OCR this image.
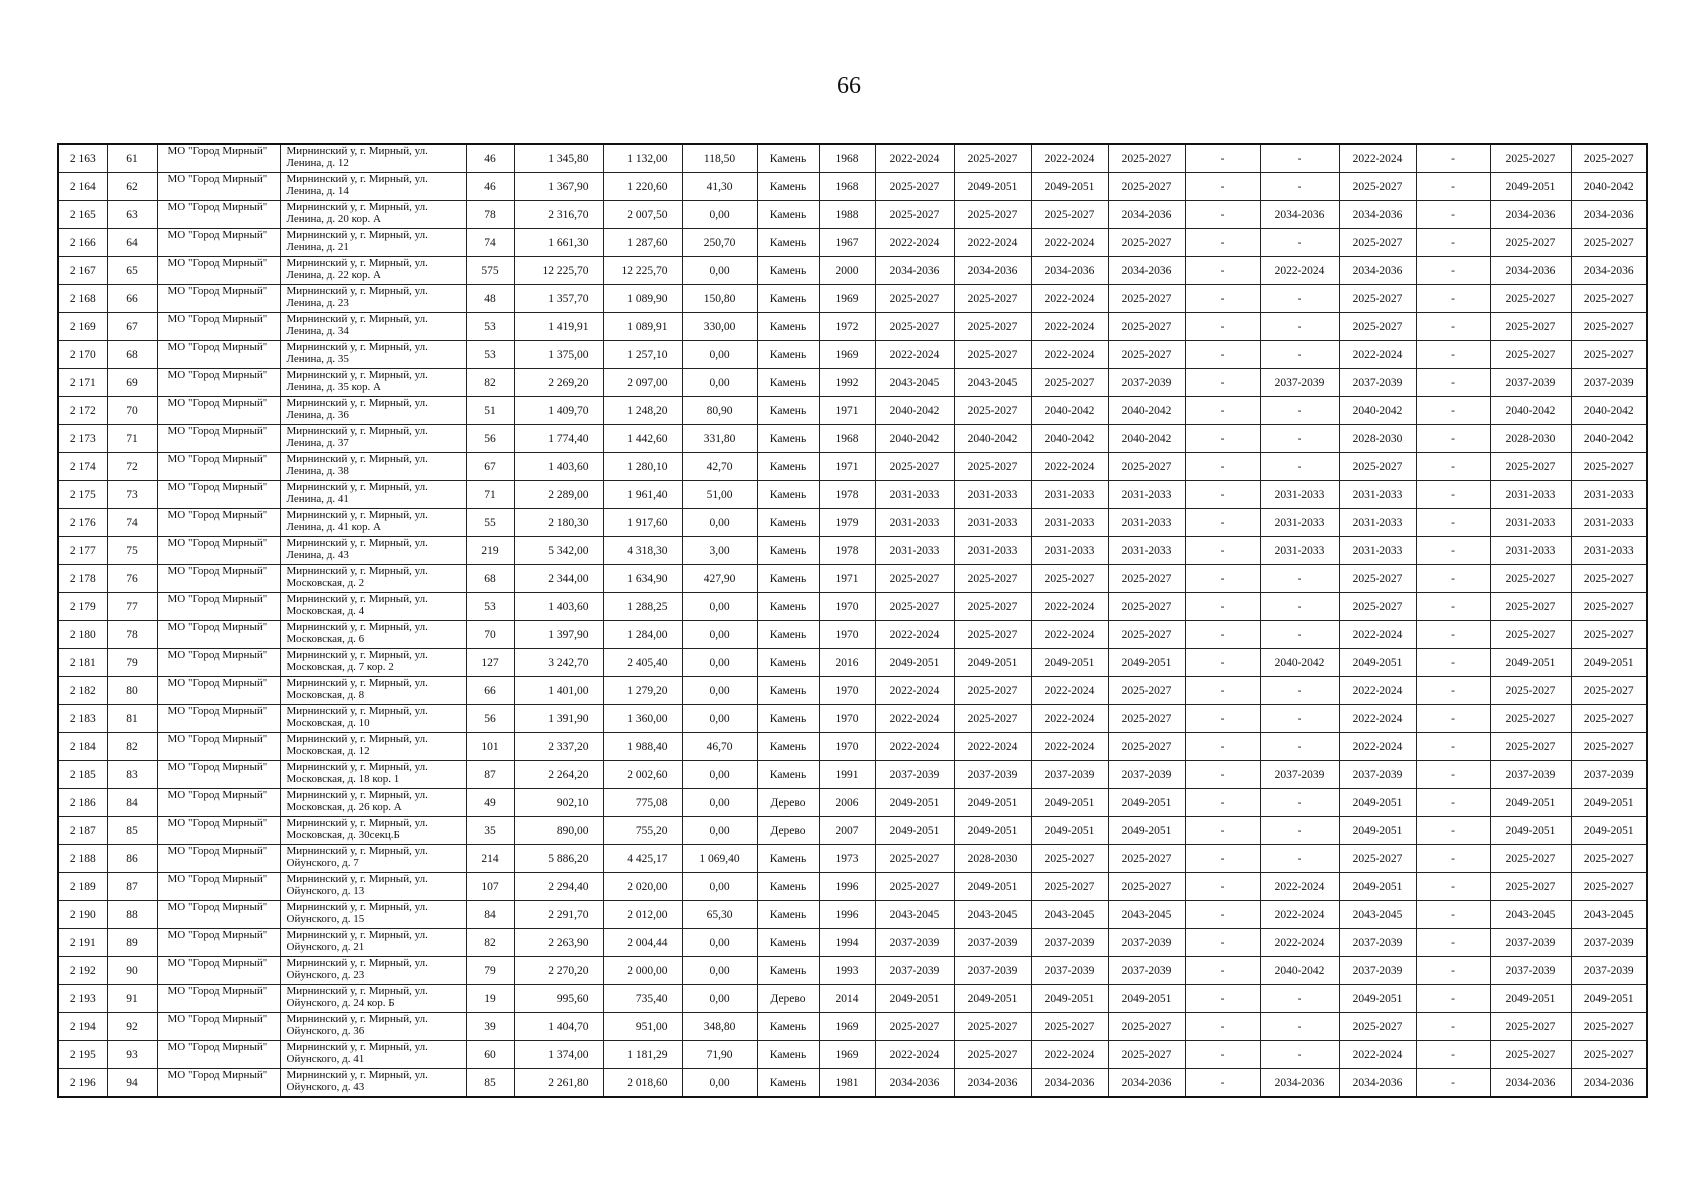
66
2 163	61	МО "Город Мирный"	Мирнинский у, г. Мирный, ул. Ленина, д. 12	46	1 345,80	1 132,00	118,50	Камень	1968	2022-2024	2025-2027	2022-2024	2025-2027	-	-	2022-2024	-	2025-2027	2025-2027
2 164	62	МО "Город Мирный"	Мирнинский у, г. Мирный, ул. Ленина, д. 14	46	1 367,90	1 220,60	41,30	Камень	1968	2025-2027	2049-2051	2049-2051	2025-2027	-	-	2025-2027	-	2049-2051	2040-2042
2 165	63	МО "Город Мирный"	Мирнинский у, г. Мирный, ул. Ленина, д. 20 кор. А	78	2 316,70	2 007,50	0,00	Камень	1988	2025-2027	2025-2027	2025-2027	2034-2036	-	2034-2036	2034-2036	-	2034-2036	2034-2036
2 166	64	МО "Город Мирный"	Мирнинский у, г. Мирный, ул. Ленина, д. 21	74	1 661,30	1 287,60	250,70	Камень	1967	2022-2024	2022-2024	2022-2024	2025-2027	-	-	2025-2027	-	2025-2027	2025-2027
2 167	65	МО "Город Мирный"	Мирнинский у, г. Мирный, ул. Ленина, д. 22 кор. А	575	12 225,70	12 225,70	0,00	Камень	2000	2034-2036	2034-2036	2034-2036	2034-2036	-	2022-2024	2034-2036	-	2034-2036	2034-2036
2 168	66	МО "Город Мирный"	Мирнинский у, г. Мирный, ул. Ленина, д. 23	48	1 357,70	1 089,90	150,80	Камень	1969	2025-2027	2025-2027	2022-2024	2025-2027	-	-	2025-2027	-	2025-2027	2025-2027
2 169	67	МО "Город Мирный"	Мирнинский у, г. Мирный, ул. Ленина, д. 34	53	1 419,91	1 089,91	330,00	Камень	1972	2025-2027	2025-2027	2022-2024	2025-2027	-	-	2025-2027	-	2025-2027	2025-2027
2 170	68	МО "Город Мирный"	Мирнинский у, г. Мирный, ул. Ленина, д. 35	53	1 375,00	1 257,10	0,00	Камень	1969	2022-2024	2025-2027	2022-2024	2025-2027	-	-	2022-2024	-	2025-2027	2025-2027
2 171	69	МО "Город Мирный"	Мирнинский у, г. Мирный, ул. Ленина, д. 35 кор. А	82	2 269,20	2 097,00	0,00	Камень	1992	2043-2045	2043-2045	2025-2027	2037-2039	-	2037-2039	2037-2039	-	2037-2039	2037-2039
2 172	70	МО "Город Мирный"	Мирнинский у, г. Мирный, ул. Ленина, д. 36	51	1 409,70	1 248,20	80,90	Камень	1971	2040-2042	2025-2027	2040-2042	2040-2042	-	-	2040-2042	-	2040-2042	2040-2042
2 173	71	МО "Город Мирный"	Мирнинский у, г. Мирный, ул. Ленина, д. 37	56	1 774,40	1 442,60	331,80	Камень	1968	2040-2042	2040-2042	2040-2042	2040-2042	-	-	2028-2030	-	2028-2030	2040-2042
2 174	72	МО "Город Мирный"	Мирнинский у, г. Мирный, ул. Ленина, д. 38	67	1 403,60	1 280,10	42,70	Камень	1971	2025-2027	2025-2027	2022-2024	2025-2027	-	-	2025-2027	-	2025-2027	2025-2027
2 175	73	МО "Город Мирный"	Мирнинский у, г. Мирный, ул. Ленина, д. 41	71	2 289,00	1 961,40	51,00	Камень	1978	2031-2033	2031-2033	2031-2033	2031-2033	-	2031-2033	2031-2033	-	2031-2033	2031-2033
2 176	74	МО "Город Мирный"	Мирнинский у, г. Мирный, ул. Ленина, д. 41 кор. А	55	2 180,30	1 917,60	0,00	Камень	1979	2031-2033	2031-2033	2031-2033	2031-2033	-	2031-2033	2031-2033	-	2031-2033	2031-2033
2 177	75	МО "Город Мирный"	Мирнинский у, г. Мирный, ул. Ленина, д. 43	219	5 342,00	4 318,30	3,00	Камень	1978	2031-2033	2031-2033	2031-2033	2031-2033	-	2031-2033	2031-2033	-	2031-2033	2031-2033
2 178	76	МО "Город Мирный"	Мирнинский у, г. Мирный, ул. Московская, д. 2	68	2 344,00	1 634,90	427,90	Камень	1971	2025-2027	2025-2027	2025-2027	2025-2027	-	-	2025-2027	-	2025-2027	2025-2027
2 179	77	МО "Город Мирный"	Мирнинский у, г. Мирный, ул. Московская, д. 4	53	1 403,60	1 288,25	0,00	Камень	1970	2025-2027	2025-2027	2022-2024	2025-2027	-	-	2025-2027	-	2025-2027	2025-2027
2 180	78	МО "Город Мирный"	Мирнинский у, г. Мирный, ул. Московская, д. 6	70	1 397,90	1 284,00	0,00	Камень	1970	2022-2024	2025-2027	2022-2024	2025-2027	-	-	2022-2024	-	2025-2027	2025-2027
2 181	79	МО "Город Мирный"	Мирнинский у, г. Мирный, ул. Московская, д. 7 кор. 2	127	3 242,70	2 405,40	0,00	Камень	2016	2049-2051	2049-2051	2049-2051	2049-2051	-	2040-2042	2049-2051	-	2049-2051	2049-2051
2 182	80	МО "Город Мирный"	Мирнинский у, г. Мирный, ул. Московская, д. 8	66	1 401,00	1 279,20	0,00	Камень	1970	2022-2024	2025-2027	2022-2024	2025-2027	-	-	2022-2024	-	2025-2027	2025-2027
2 183	81	МО "Город Мирный"	Мирнинский у, г. Мирный, ул. Московская, д. 10	56	1 391,90	1 360,00	0,00	Камень	1970	2022-2024	2025-2027	2022-2024	2025-2027	-	-	2022-2024	-	2025-2027	2025-2027
2 184	82	МО "Город Мирный"	Мирнинский у, г. Мирный, ул. Московская, д. 12	101	2 337,20	1 988,40	46,70	Камень	1970	2022-2024	2022-2024	2022-2024	2025-2027	-	-	2022-2024	-	2025-2027	2025-2027
2 185	83	МО "Город Мирный"	Мирнинский у, г. Мирный, ул. Московская, д. 18 кор. 1	87	2 264,20	2 002,60	0,00	Камень	1991	2037-2039	2037-2039	2037-2039	2037-2039	-	2037-2039	2037-2039	-	2037-2039	2037-2039
2 186	84	МО "Город Мирный"	Мирнинский у, г. Мирный, ул. Московская, д. 26 кор. А	49	902,10	775,08	0,00	Дерево	2006	2049-2051	2049-2051	2049-2051	2049-2051	-	-	2049-2051	-	2049-2051	2049-2051
2 187	85	МО "Город Мирный"	Мирнинский у, г. Мирный, ул. Московская, д. 30секц.Б	35	890,00	755,20	0,00	Дерево	2007	2049-2051	2049-2051	2049-2051	2049-2051	-	-	2049-2051	-	2049-2051	2049-2051
2 188	86	МО "Город Мирный"	Мирнинский у, г. Мирный, ул. Ойунского, д. 7	214	5 886,20	4 425,17	1 069,40	Камень	1973	2025-2027	2028-2030	2025-2027	2025-2027	-	-	2025-2027	-	2025-2027	2025-2027
2 189	87	МО "Город Мирный"	Мирнинский у, г. Мирный, ул. Ойунского, д. 13	107	2 294,40	2 020,00	0,00	Камень	1996	2025-2027	2049-2051	2025-2027	2025-2027	-	2022-2024	2049-2051	-	2025-2027	2025-2027
2 190	88	МО "Город Мирный"	Мирнинский у, г. Мирный, ул. Ойунского, д. 15	84	2 291,70	2 012,00	65,30	Камень	1996	2043-2045	2043-2045	2043-2045	2043-2045	-	2022-2024	2043-2045	-	2043-2045	2043-2045
2 191	89	МО "Город Мирный"	Мирнинский у, г. Мирный, ул. Ойунского, д. 21	82	2 263,90	2 004,44	0,00	Камень	1994	2037-2039	2037-2039	2037-2039	2037-2039	-	2022-2024	2037-2039	-	2037-2039	2037-2039
2 192	90	МО "Город Мирный"	Мирнинский у, г. Мирный, ул. Ойунского, д. 23	79	2 270,20	2 000,00	0,00	Камень	1993	2037-2039	2037-2039	2037-2039	2037-2039	-	2040-2042	2037-2039	-	2037-2039	2037-2039
2 193	91	МО "Город Мирный"	Мирнинский у, г. Мирный, ул. Ойунского, д. 24 кор. Б	19	995,60	735,40	0,00	Дерево	2014	2049-2051	2049-2051	2049-2051	2049-2051	-	-	2049-2051	-	2049-2051	2049-2051
2 194	92	МО "Город Мирный"	Мирнинский у, г. Мирный, ул. Ойунского, д. 36	39	1 404,70	951,00	348,80	Камень	1969	2025-2027	2025-2027	2025-2027	2025-2027	-	-	2025-2027	-	2025-2027	2025-2027
2 195	93	МО "Город Мирный"	Мирнинский у, г. Мирный, ул. Ойунского, д. 41	60	1 374,00	1 181,29	71,90	Камень	1969	2022-2024	2025-2027	2022-2024	2025-2027	-	-	2022-2024	-	2025-2027	2025-2027
2 196	94	МО "Город Мирный"	Мирнинский у, г. Мирный, ул. Ойунского, д. 43	85	2 261,80	2 018,60	0,00	Камень	1981	2034-2036	2034-2036	2034-2036	2034-2036	-	2034-2036	2034-2036	-	2034-2036	2034-2036
